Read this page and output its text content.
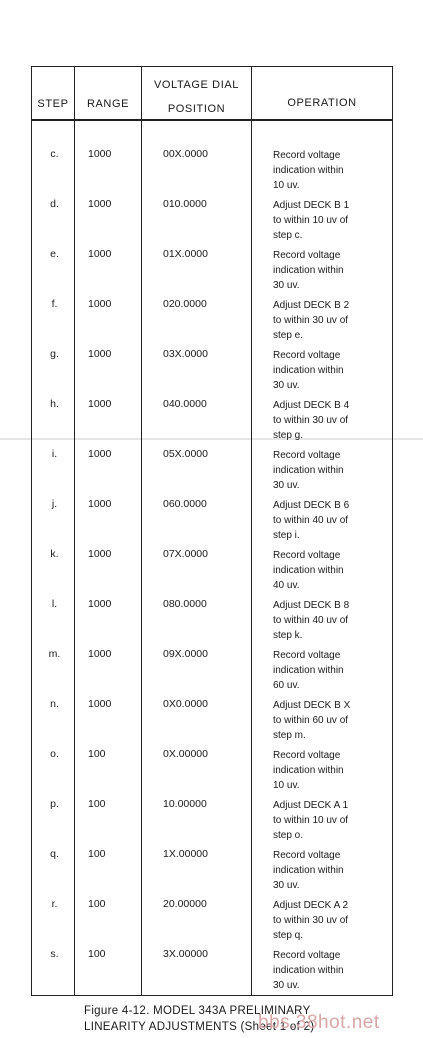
STEP	RANGE
VOLTAGE DIAL
POSITION	OPERATION
c.	1000	00X.0000	Record voltage
indication within
10 uv.
d.	1000	010.0000	Adjust DECK B 1
to within 10 uv of
step c.
e.	1000	01X.0000	Record voltage
indication within
30 uv.
f.	1000	020.0000	Adjust DECK B 2
to within 30 uv of
step e.
g.	1000	03X.0000	Record voltage
indication within
30 uv.
h.	1000	040.0000	Adjust DECK B 4
to within 30 uv of
step g.
i.	1000	05X.0000	Record voltage
indication within
30 uv.
j.	1000	060.0000	Adjust DECK B 6
to within 40 uv of
step i.
k.	1000	07X.0000	Record voltage
indication within
40 uv.
l.	1000	080.0000	Adjust DECK B 8
to within 40 uv of
step k.
m.	1000	09X.0000	Record voltage
indication within
60 uv.
n.	1000	0X0.0000	Adjust DECK B X
to within 60 uv of
step m.
o.	100	0X.00000	Record voltage
indication within
10 uv.
p.	100	10.00000	Adjust DECK A 1
to within 10 uv of
step o.
q.	100	1X.00000	Record voltage
indication within
30 uv.
r.	100	20.00000	Adjust DECK A 2
to within 30 uv of
step q.
s.	100	3X.00000	Record voltage
indication within
30 uv.
Figure 4-12. MODEL 343A PRELIMINARY
LINEARITY ADJUSTMENTS (Sheet 1 of 2)
bbs.38hot.net
